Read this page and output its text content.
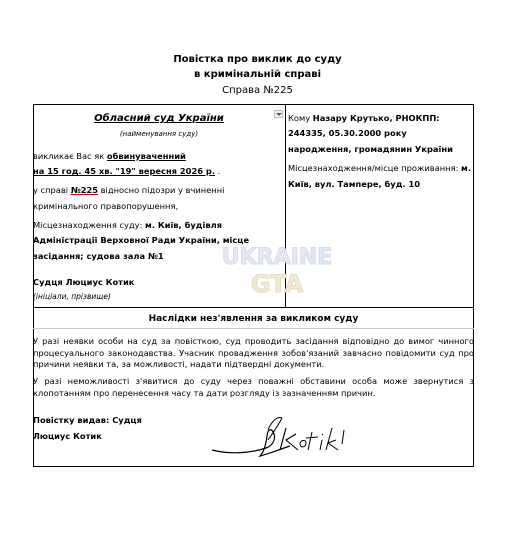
Повістка про виклик до суду
в кримінальній справі
Справа №225
UKRAINE
GTA
Обласний суд України
(найменування суду)
викликає Вас як обвинуваченний
на 15 год. 45 хв. "19" вересня 2026 р. .
у справі №225 відносно підозри у вчиненні
кримінального правопорушення,
Місцезнаходження суду: м. Київ, будівля
Адміністрації Верховної Ради України, місце
засідання; судова зала №1
Судця Люциус Котик
(ініціали, прізвище)
Кому Назару Крутько, РНОКПП:
244335, 05.30.2000 року
народження, громадянин України
Місцезнаходження/місце проживання: м.
Київ, вул. Тампере, буд. 10
Наслідки нез'явлення за викликом суду
У разі неявки особи на суд за повісткою, суд проводить засідання відповідно до вимог чинного процесуального законодавства. Учасник провадження зобов'язаний завчасно повідомити суд про причини неявки та, за можливості, надати підтвердні документи.
У разі неможливості з'явитися до суду через поважні обставини особа може звернутися з клопотанням про перенесення часу та дати розгляду із зазначенням причин.
Повістку видав: Судця
Люциус Котик
